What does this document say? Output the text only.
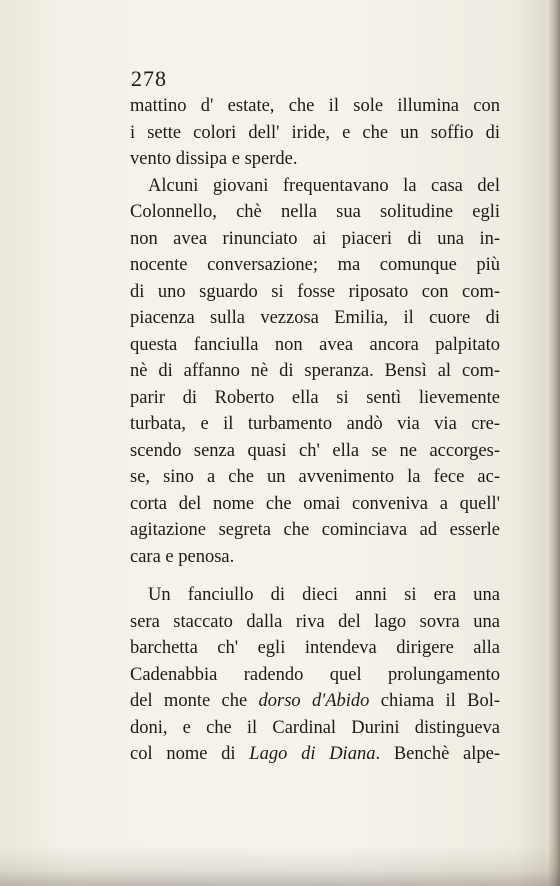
278
mattino d' estate, che il sole illumina con
i sette colori dell' iride, e che un soffio di
vento dissipa e sperde.
Alcuni giovani frequentavano la casa del
Colonnello, chè nella sua solitudine egli
non avea rinunciato ai piaceri di una in-
nocente conversazione; ma comunque più
di uno sguardo si fosse riposato con com-
piacenza sulla vezzosa Emilia, il cuore di
questa fanciulla non avea ancora palpitato
nè di affanno nè di speranza. Bensì al com-
parir di Roberto ella si sentì lievemente
turbata, e il turbamento andò via via cre-
scendo senza quasi ch' ella se ne accorges-
se, sino a che un avvenimento la fece ac-
corta del nome che omai conveniva a quell'
agitazione segreta che cominciava ad esserle
cara e penosa.
Un fanciullo di dieci anni si era una
sera staccato dalla riva del lago sovra una
barchetta ch' egli intendeva dirigere alla
Cadenabbia radendo quel prolungamento
del monte che dorso d'Abido chiama il Bol-
doni, e che il Cardinal Durini distingueva
col nome di Lago di Diana. Benchè alpe-
